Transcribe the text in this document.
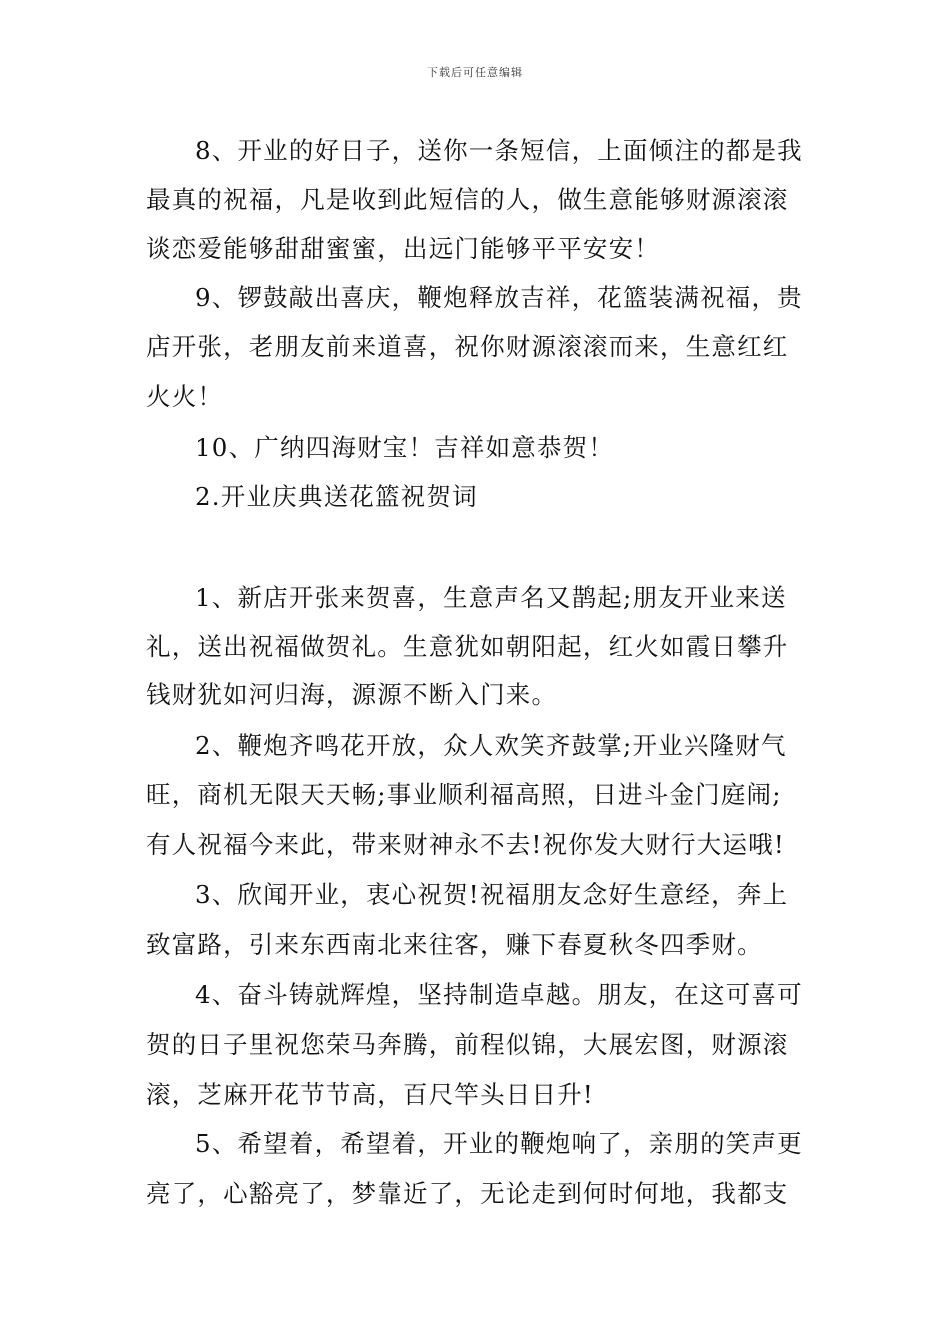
下载后可任意编辑
8、开业的好日子，送你一条短信，上面倾注的都是我
最真的祝福，凡是收到此短信的人，做生意能够财源滚滚
谈恋爱能够甜甜蜜蜜，出远门能够平平安安！
9、锣鼓敲出喜庆，鞭炮释放吉祥，花篮装满祝福，贵
店开张，老朋友前来道喜，祝你财源滚滚而来，生意红红
火火！
10、广纳四海财宝！吉祥如意恭贺！
2.开业庆典送花篮祝贺词
1、新店开张来贺喜，生意声名又鹊起;朋友开业来送
礼，送出祝福做贺礼。生意犹如朝阳起，红火如霞日攀升
钱财犹如河归海，源源不断入门来。
2、鞭炮齐鸣花开放，众人欢笑齐鼓掌;开业兴隆财气
旺，商机无限天天畅;事业顺利福高照，日进斗金门庭闹;
有人祝福今来此，带来财神永不去!祝你发大财行大运哦!
3、欣闻开业，衷心祝贺!祝福朋友念好生意经，奔上
致富路，引来东西南北来往客，赚下春夏秋冬四季财。
4、奋斗铸就辉煌，坚持制造卓越。朋友，在这可喜可
贺的日子里祝您荣马奔腾，前程似锦，大展宏图，财源滚
滚，芝麻开花节节高，百尺竿头日日升!
5、希望着，希望着，开业的鞭炮响了，亲朋的笑声更
亮了，心豁亮了，梦靠近了，无论走到何时何地，我都支
